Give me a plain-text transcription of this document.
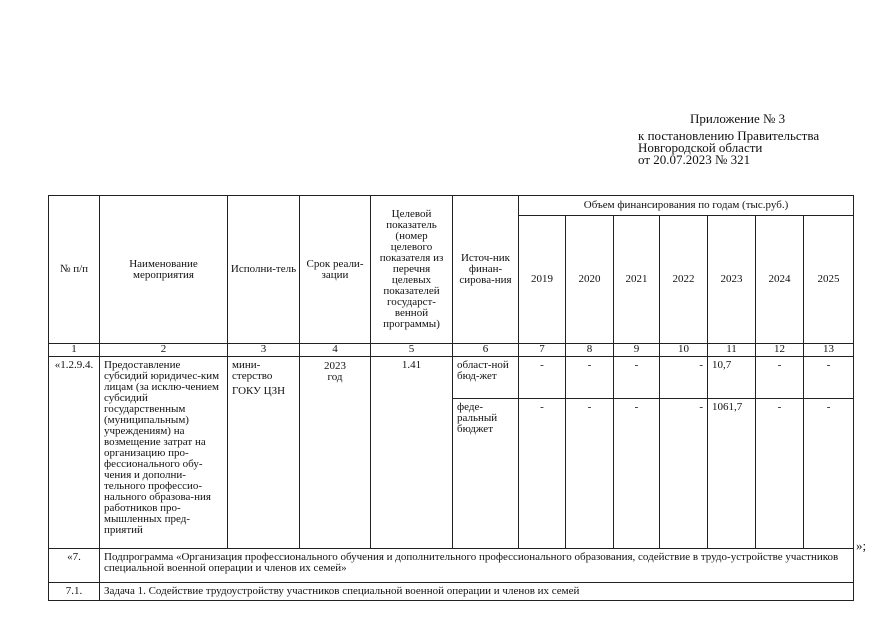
Приложение № 3
к постановлению Правительства
Новгородской области
от 20.07.2023 № 321
№ п/п	Наименование мероприятия	Исполни-тель	Срок реали-зации	Целевой показатель (номер целевого показателя из перечня целевых показателей государст-венной программы)	Источ-ник финан-сирова-ния	Объем финансирования по годам (тыс.руб.)						
						2019	2020	2021	2022	2023	2024	2025
1	2	3	4	5	6	7	8	9	10	11	12	13
«1.2.9.4.	Предоставление субсидий юридичес-ким лицам (за исклю-чением субсидий государственным (муниципальным) учреждениям) на возмещение затрат на организацию про-фессионального обу-чения и дополни-тельного профессио-нального образова-ния работников про-мышленных пред-приятий	мини-стерство
ГОКУ ЦЗН	2023 год	1.41	област-ной бюд-жет	-	-	-	-	10,7	-	-
					феде-ральный бюджет	-	-	-	-	1061,7	-	-
«7.	Подпрограмма «Организация профессионального обучения и дополнительного профессионального образования, содействие в трудо-устройстве участников специальной военной операции и членов их семей»											
7.1.	Задача 1. Содействие трудоустройству участников специальной военной операции и членов их семей											
»;
